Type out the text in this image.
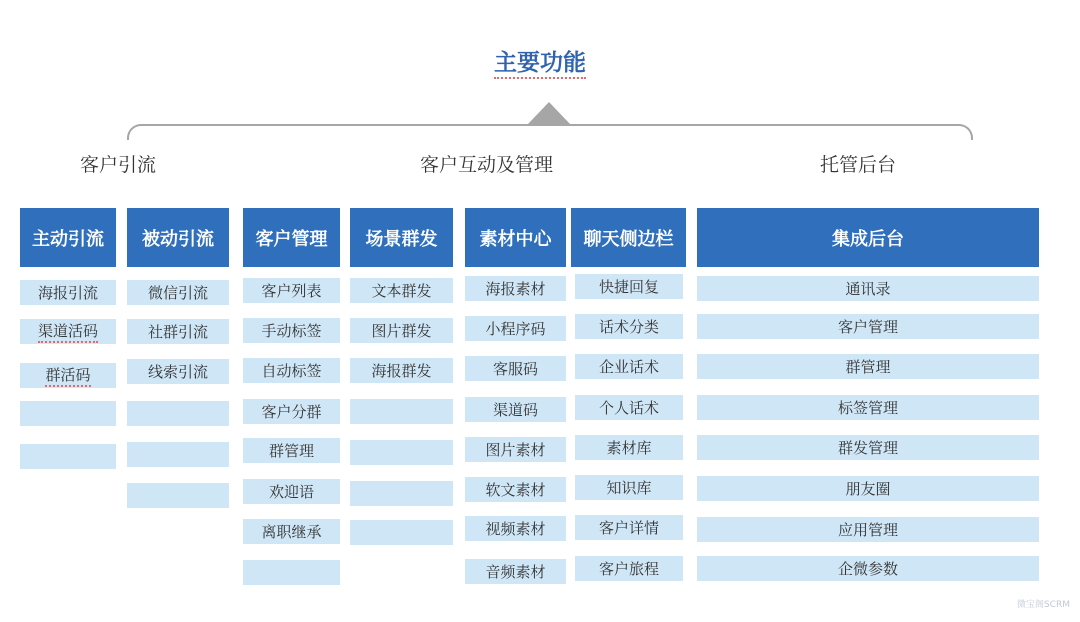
主要功能
客户引流	客户互动及管理	托管后台
主动引流
海报引流
渠道活码
群活码
被动引流
微信引流
社群引流
线索引流
客户管理
客户列表
手动标签
自动标签
客户分群
群管理
欢迎语
离职继承
场景群发
文本群发
图片群发
海报群发
素材中心
海报素材
小程序码
客服码
渠道码
图片素材
软文素材
视频素材
音频素材
聊天侧边栏
快捷回复
话术分类
企业话术
个人话术
素材库
知识库
客户详情
客户旅程
集成后台
通讯录
客户管理
群管理
标签管理
群发管理
朋友圈
应用管理
企微参数
微宝阁SCRM
